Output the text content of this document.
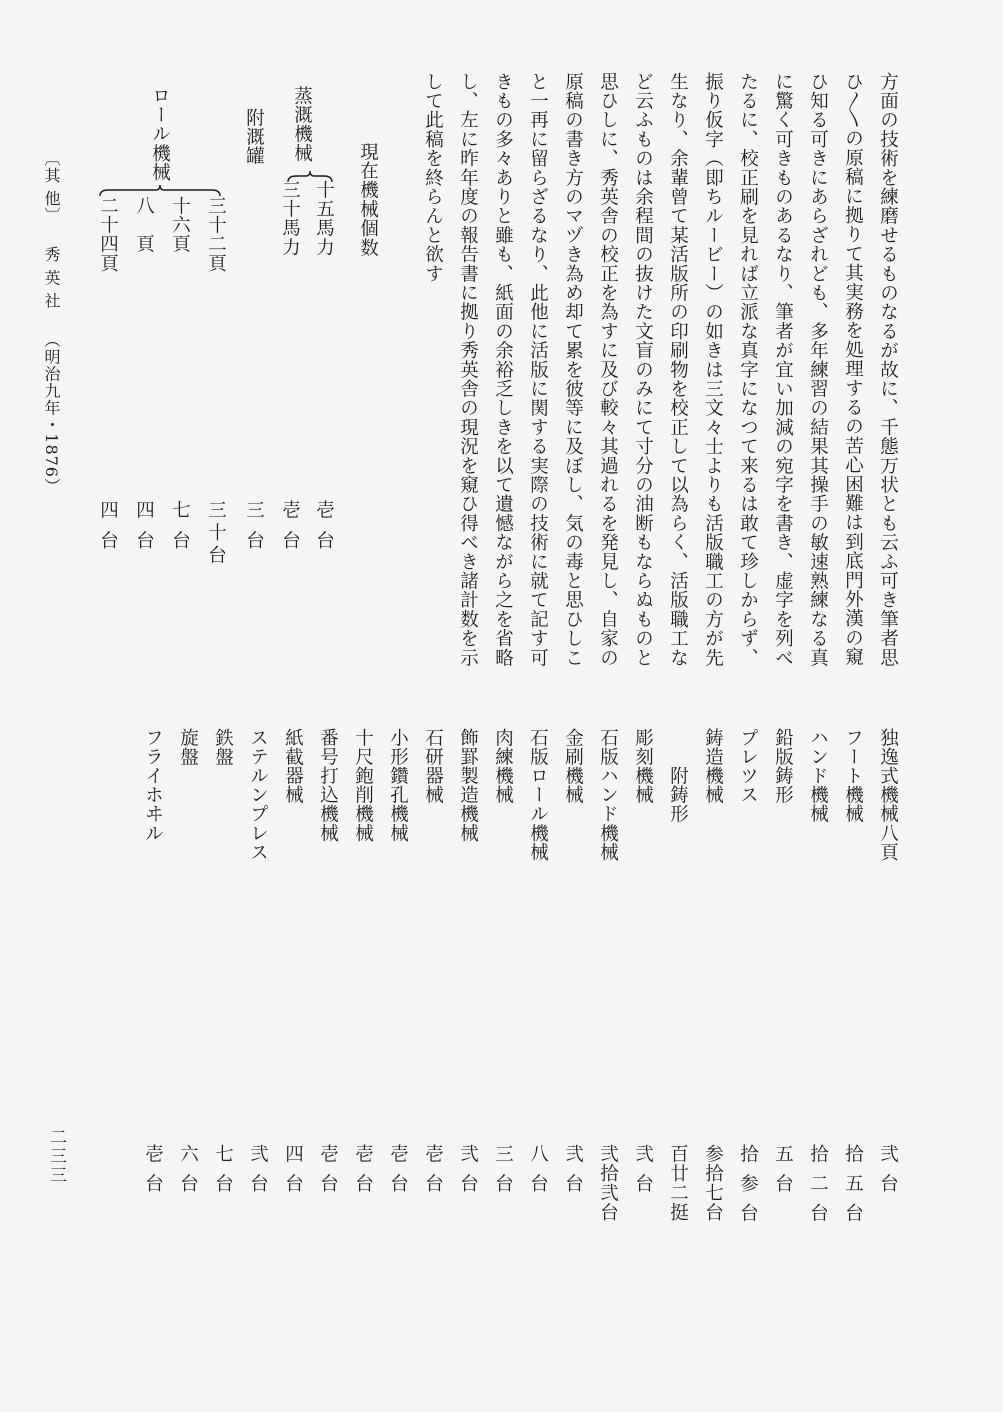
方面の技術を練磨せるものなるが故に、千態万状とも云ふ可き筆者思
ひ〳〵の原稿に拠りて其実務を処理するの苦心困難は到底門外漢の窺
ひ知る可きにあらざれども、多年練習の結果其操手の敏速熟練なる真
に驚く可きものあるなり、筆者が宜い加減の宛字を書き、虚字を列べ
たるに、校正刷を見れば立派な真字になつて来るは敢て珍しからず、
振り仮字（即ちルービー）の如きは三文々士よりも活版職工の方が先
生なり、余輩曾て某活版所の印刷物を校正して以為らく、活版職工な
ど云ふものは余程間の抜けた文盲のみにて寸分の油断もならぬものと
思ひしに、秀英舎の校正を為すに及び較々其過れるを発見し、自家の
原稿の書き方のマヅき為め却て累を彼等に及ぼし、気の毒と思ひしこ
と一再に留らざるなり、此他に活版に関する実際の技術に就て記す可
きもの多々ありと雖も、紙面の余裕乏しきを以て遺憾ながら之を省略
し、左に昨年度の報告書に拠り秀英舎の現況を窺ひ得べき諸計数を示
して此稿を終らんと欲す
現在機械個数
蒸溉機械
十五馬力
三十馬力
壱台
壱台
附溉罐
三台
ロール機械
三十二頁
十六頁
八　頁
二十四頁
三十台
七台
四台
四台
〔其 他〕秀 英 社（明治九年・1876）
独逸式機械八頁
フート機械
ハンド機械
鉛版鋳形
プレツス
鋳造機械
附鋳形
彫刻機械
石版ハンド機械
金刷機械
石版ロール機械
肉練機械
飾罫製造機械
石研器械
小形鑽孔機械
十尺鉋削機械
番号打込機械
紙截器械
ステルンプレス
鉄盤
旋盤
フライホヰル
弐台
拾五台
拾二台
五台
拾参台
参拾七台
百廿二挺
弐台
弐拾弐台
弐台
八台
三台
弐台
壱台
壱台
壱台
壱台
四台
弐台
七台
六台
壱台
二三三
